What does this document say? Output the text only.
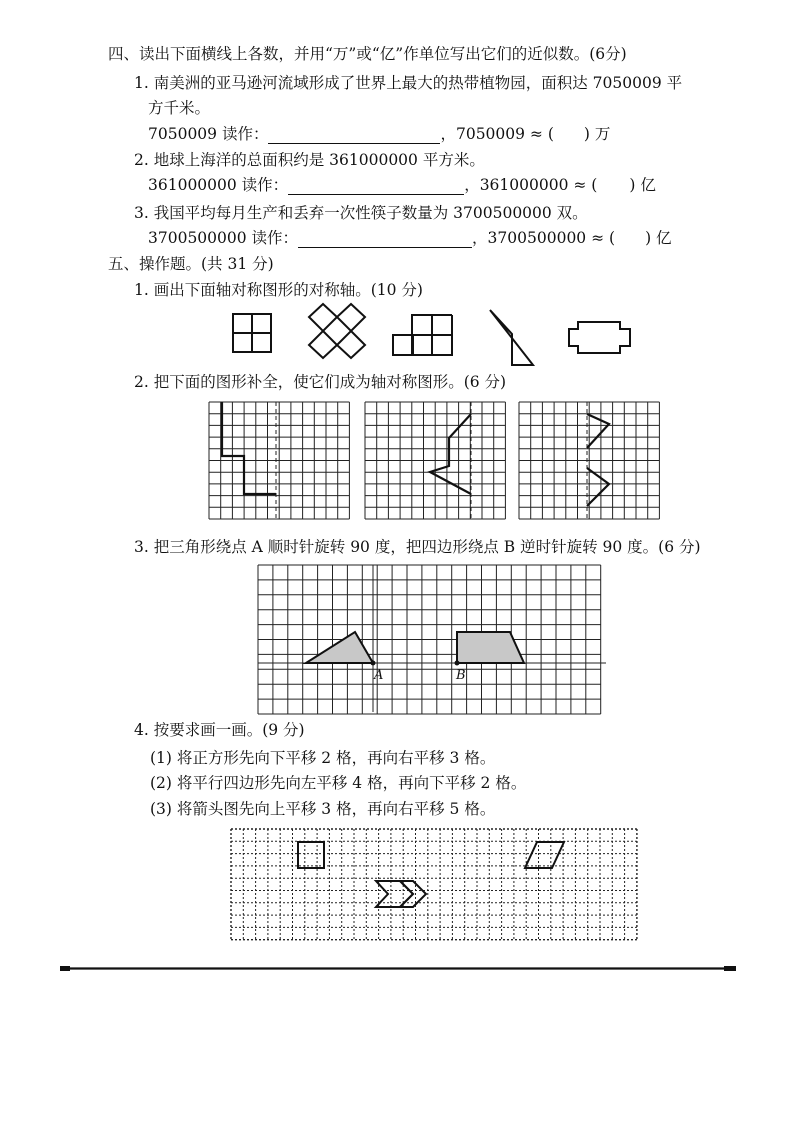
四、读出下面横线上各数，并用“万”或“亿”作单位写出它们的近似数。(6分)
1. 南美洲的亚马逊河流域形成了世界上最大的热带植物园，面积达 7050009 平
方千米。
7050009 读作：	，7050009 ≈ ( ) 万
2. 地球上海洋的总面积约是 361000000 平方米。
361000000 读作：	，361000000 ≈ ( ) 亿
3. 我国平均每月生产和丢弃一次性筷子数量为 3700500000 双。
3700500000 读作：	，3700500000 ≈ ( ) 亿
五、操作题。(共 31 分)
1. 画出下面轴对称图形的对称轴。(10 分)
2. 把下面的图形补全，使它们成为轴对称图形。(6 分)
3. 把三角形绕点 A 顺时针旋转 90 度，把四边形绕点 B 逆时针旋转 90 度。(6 分)
A	B
4. 按要求画一画。(9 分)
(1) 将正方形先向下平移 2 格，再向右平移 3 格。
(2) 将平行四边形先向左平移 4 格，再向下平移 2 格。
(3) 将箭头图先向上平移 3 格，再向右平移 5 格。
